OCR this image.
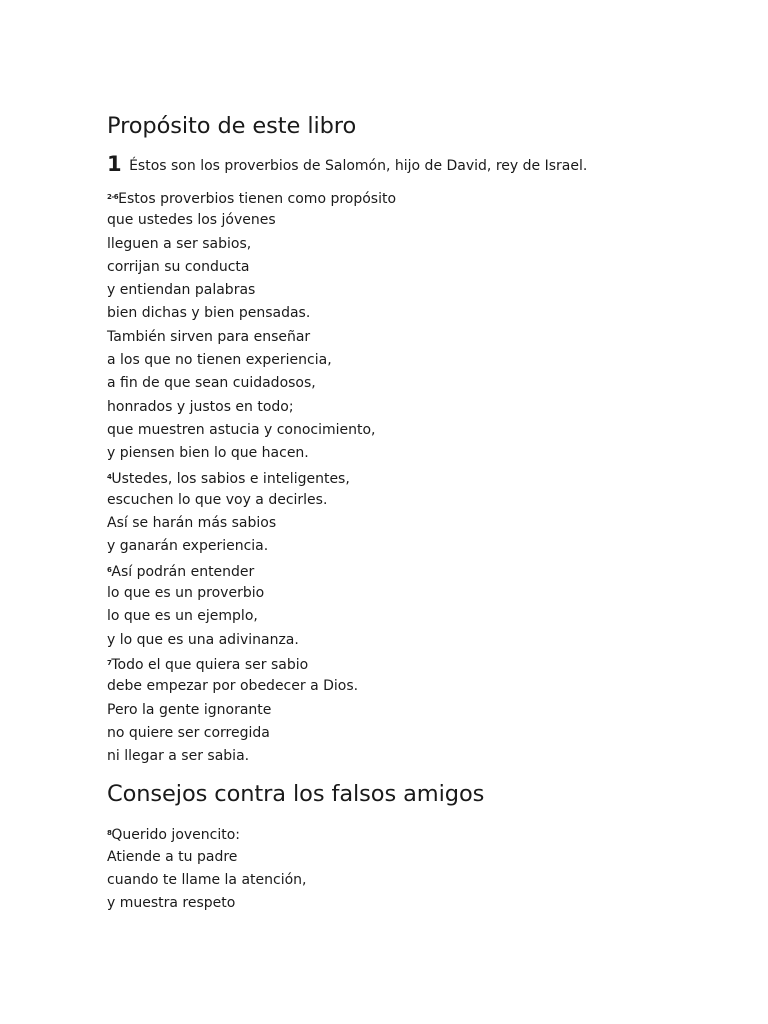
Propósito de este libro
1 Éstos son los proverbios de Salomón, hijo de David, rey de Israel.
$^{2-6}$Estos proverbios tienen como propósito
que ustedes los jóvenes
lleguen a ser sabios,
corrijan su conducta
y entiendan palabras
bien dichas y bien pensadas.
También sirven para enseñar
a los que no tienen experiencia,
a fin de que sean cuidadosos,
honrados y justos en todo;
que muestren astucia y conocimiento,
y piensen bien lo que hacen.
$^4$Ustedes, los sabios e inteligentes,
escuchen lo que voy a decirles.
Así se harán más sabios
y ganarán experiencia.
$^6$Así podrán entender
lo que es un proverbio
lo que es un ejemplo,
y lo que es una adivinanza.
$^7$Todo el que quiera ser sabio
debe empezar por obedecer a Dios.
Pero la gente ignorante
no quiere ser corregida
ni llegar a ser sabia.
Consejos contra los falsos amigos
$^8$Querido jovencito:
Atiende a tu padre
cuando te llame la atención,
y muestra respeto
